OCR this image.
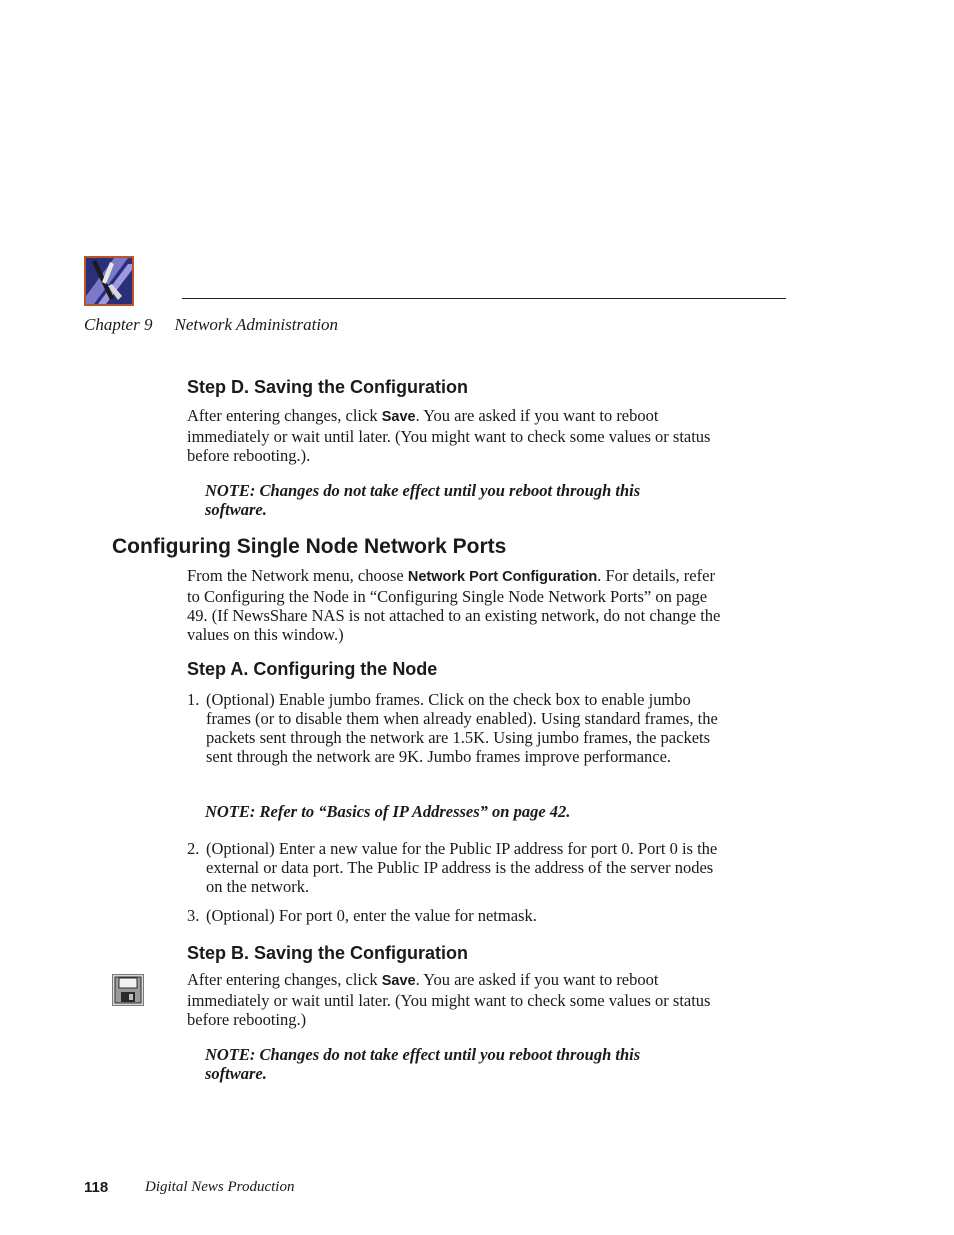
Chapter 9 Network Administration
Step D. Saving the Configuration
After entering changes, click Save. You are asked if you want to reboot immediately or wait until later. (You might want to check some values or status before rebooting.).
NOTE: Changes do not take effect until you reboot through this software.
Configuring Single Node Network Ports
From the Network menu, choose Network Port Configuration. For details, refer to Configuring the Node in “Configuring Single Node Network Ports” on page 49. (If NewsShare NAS is not attached to an existing network, do not change the values on this window.)
Step A. Configuring the Node
1. (Optional) Enable jumbo frames. Click on the check box to enable jumbo frames (or to disable them when already enabled). Using standard frames, the packets sent through the network are 1.5K. Using jumbo frames, the packets sent through the network are 9K. Jumbo frames improve performance.
NOTE: Refer to “Basics of IP Addresses” on page 42.
2. (Optional) Enter a new value for the Public IP address for port 0. Port 0 is the external or data port. The Public IP address is the address of the server nodes on the network.
3. (Optional) For port 0, enter the value for netmask.
Step B. Saving the Configuration
After entering changes, click Save. You are asked if you want to reboot immediately or wait until later. (You might want to check some values or status before rebooting.)
NOTE: Changes do not take effect until you reboot through this software.
118 Digital News Production
